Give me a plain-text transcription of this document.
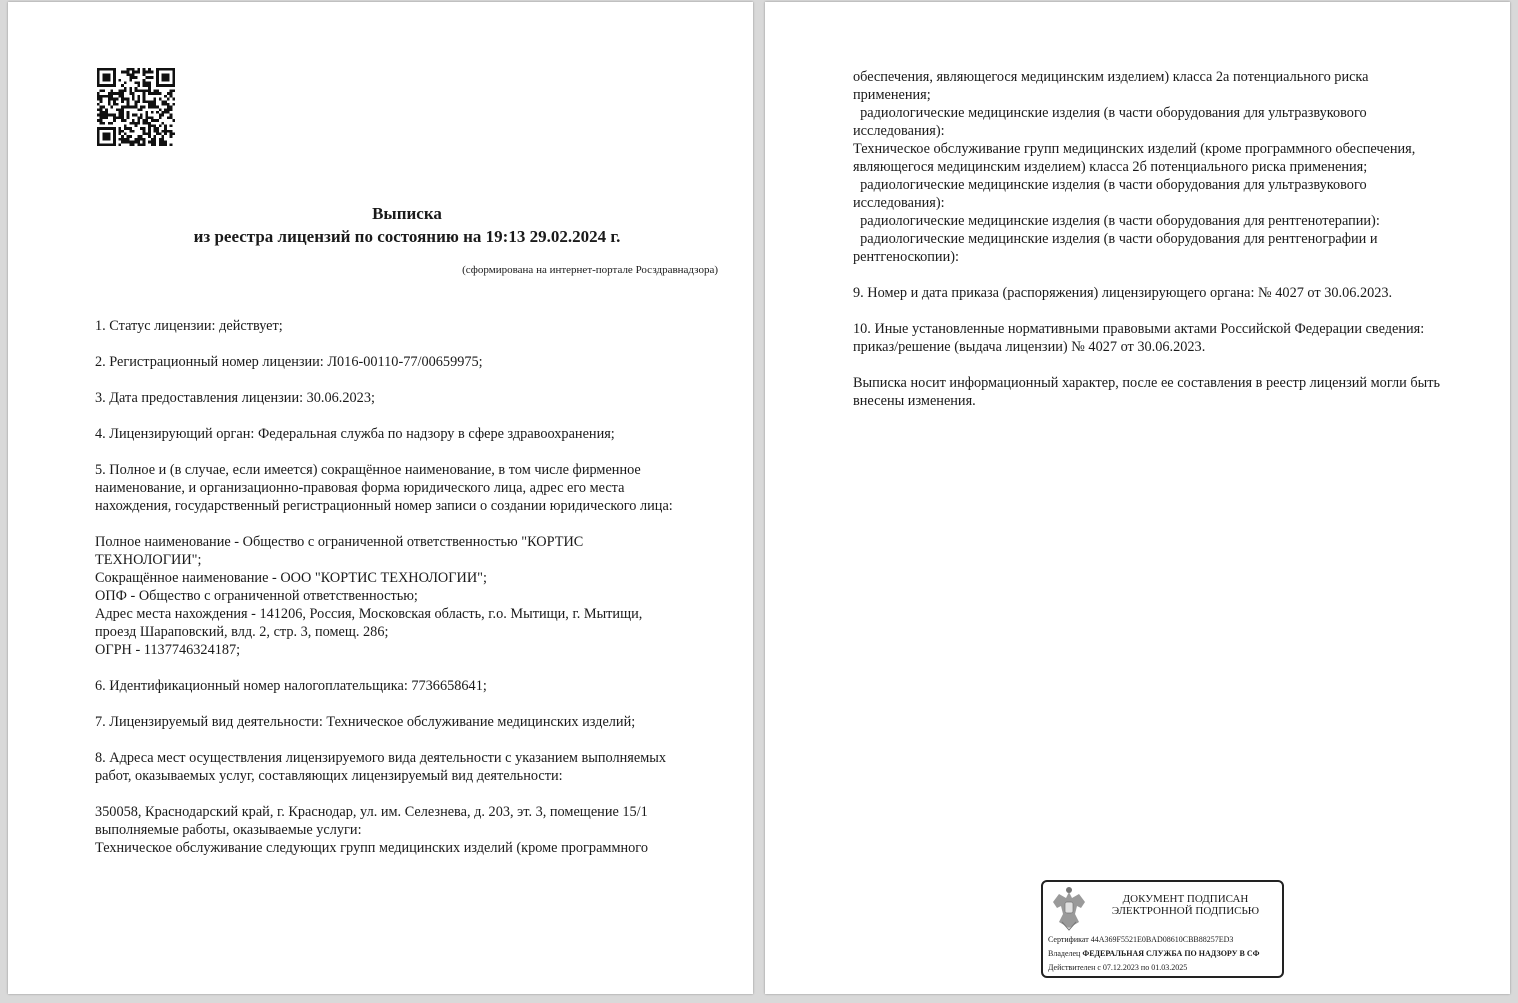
Выписка
из реестра лицензий по состоянию на 19:13 29.02.2024 г.
(сформирована на интернет-портале Росздравнадзора)
1. Статус лицензии: действует;
2. Регистрационный номер лицензии: Л016-00110-77/00659975;
3. Дата предоставления лицензии: 30.06.2023;
4. Лицензирующий орган: Федеральная служба по надзору в сфере здравоохранения;
5. Полное и (в случае, если имеется) сокращённое наименование, в том числе фирменное
наименование, и организационно-правовая форма юридического лица, адрес его места
нахождения, государственный регистрационный номер записи о создании юридического лица:
Полное наименование - Общество с ограниченной ответственностью "КОРТИС
ТЕХНОЛОГИИ";
Сокращённое наименование - ООО "КОРТИС ТЕХНОЛОГИИ";
ОПФ - Общество с ограниченной ответственностью;
Адрес места нахождения - 141206, Россия, Московская область, г.о. Мытищи, г. Мытищи,
проезд Шараповский, влд. 2, стр. 3, помещ. 286;
ОГРН - 1137746324187;
6. Идентификационный номер налогоплательщика: 7736658641;
7. Лицензируемый вид деятельности: Техническое обслуживание медицинских изделий;
8. Адреса мест осуществления лицензируемого вида деятельности с указанием выполняемых
работ, оказываемых услуг, составляющих лицензируемый вид деятельности:
350058, Краснодарский край, г. Краснодар, ул. им. Селезнева, д. 203, эт. 3, помещение 15/1
выполняемые работы, оказываемые услуги:
Техническое обслуживание следующих групп медицинских изделий (кроме программного
обеспечения, являющегося медицинским изделием) класса 2а потенциального риска
применения;
радиологические медицинские изделия (в части оборудования для ультразвукового
исследования):
Техническое обслуживание групп медицинских изделий (кроме программного обеспечения,
являющегося медицинским изделием) класса 2б потенциального риска применения;
радиологические медицинские изделия (в части оборудования для ультразвукового
исследования):
радиологические медицинские изделия (в части оборудования для рентгенотерапии):
радиологические медицинские изделия (в части оборудования для рентгенографии и
рентгеноскопии):
9. Номер и дата приказа (распоряжения) лицензирующего органа: № 4027 от 30.06.2023.
10. Иные установленные нормативными правовыми актами Российской Федерации сведения:
приказ/решение (выдача лицензии) № 4027 от 30.06.2023.
Выписка носит информационный характер, после ее составления в реестр лицензий могли быть
внесены изменения.
ДОКУМЕНТ ПОДПИСАН
ЭЛЕКТРОННОЙ ПОДПИСЬЮ
Сертификат 44A369F5521E0BAD08610CBB88257ED3
Владелец ФЕДЕРАЛЬНАЯ СЛУЖБА ПО НАДЗОРУ В СФ
Действителен с 07.12.2023 по 01.03.2025
